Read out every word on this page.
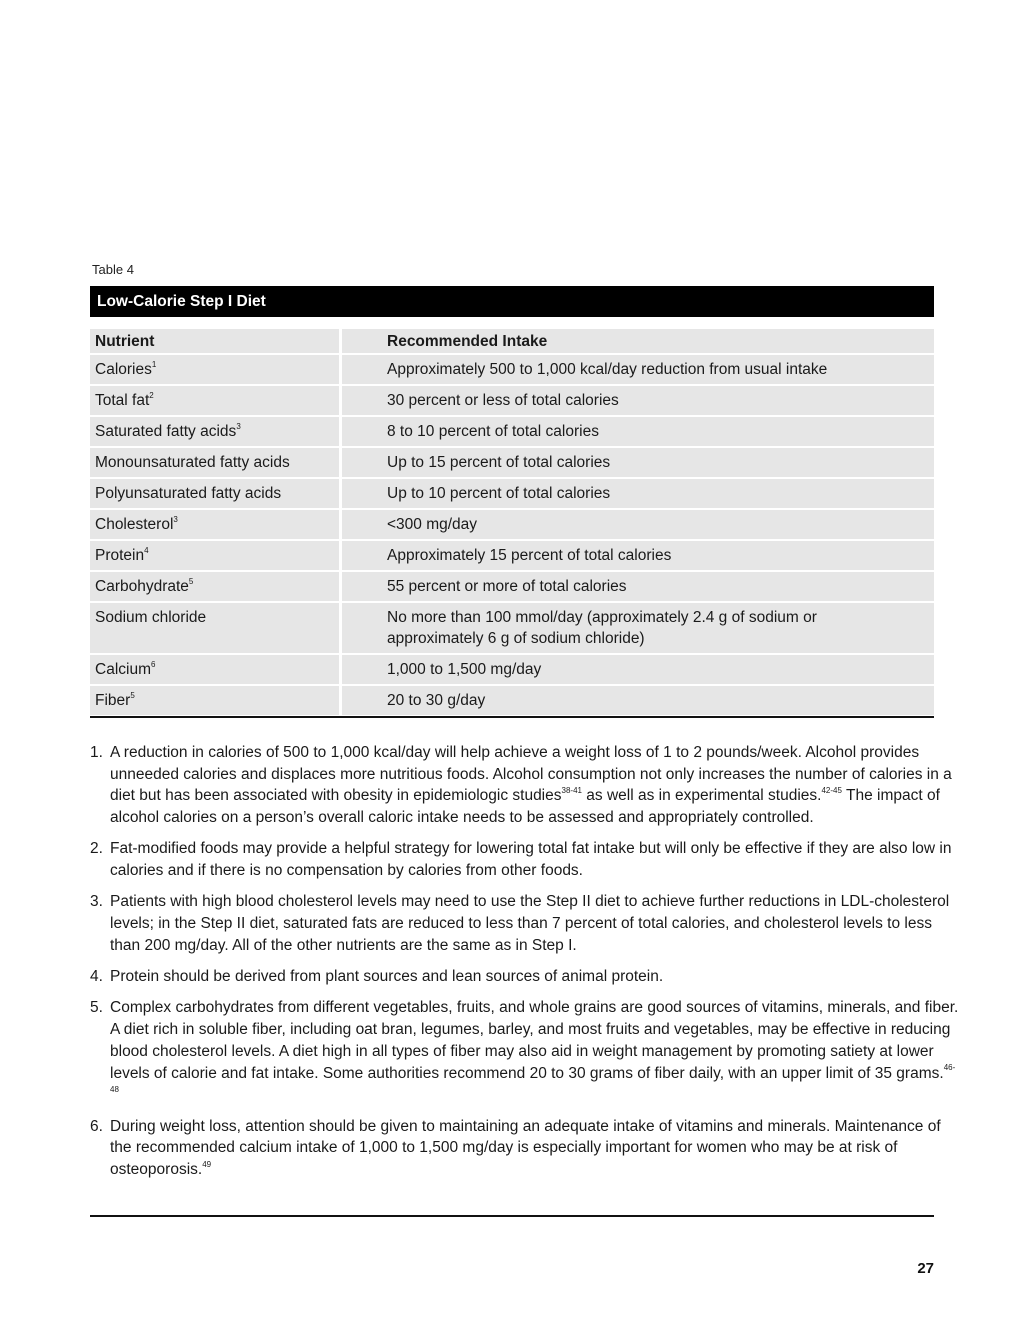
Table 4
Low-Calorie Step I Diet
Nutrient	Recommended Intake
Calories$^1$	Approximately 500 to 1,000 kcal/day reduction from usual intake
Total fat$^2$	30 percent or less of total calories
Saturated fatty acids$^3$	8 to 10 percent of total calories
Monounsaturated fatty acids	Up to 15 percent of total calories
Polyunsaturated fatty acids	Up to 10 percent of total calories
Cholesterol$^3$	<300 mg/day
Protein$^4$	Approximately 15 percent of total calories
Carbohydrate$^5$	55 percent or more of total calories
Sodium chloride	No more than 100 mmol/day (approximately 2.4 g of sodium or approximately 6 g of sodium chloride)
Calcium$^6$	1,000 to 1,500 mg/day
Fiber$^5$	20 to 30 g/day
1. A reduction in calories of 500 to 1,000 kcal/day will help achieve a weight loss of 1 to 2 pounds/week. Alcohol provides unneeded calories and displaces more nutritious foods. Alcohol consumption not only increases the number of calories in a diet but has been associated with obesity in epidemiologic studies$^{38-41}$ as well as in experimental studies.$^{42-45}$ The impact of alcohol calories on a person’s overall caloric intake needs to be assessed and appropriately controlled.
2. Fat-modified foods may provide a helpful strategy for lowering total fat intake but will only be effective if they are also low in calories and if there is no compensation by calories from other foods.
3. Patients with high blood cholesterol levels may need to use the Step II diet to achieve further reductions in LDL-cholesterol levels; in the Step II diet, saturated fats are reduced to less than 7 percent of total calories, and cholesterol levels to less than 200 mg/day. All of the other nutrients are the same as in Step I.
4. Protein should be derived from plant sources and lean sources of animal protein.
5. Complex carbohydrates from different vegetables, fruits, and whole grains are good sources of vitamins, minerals, and fiber. A diet rich in soluble fiber, including oat bran, legumes, barley, and most fruits and vegetables, may be effective in reducing blood cholesterol levels. A diet high in all types of fiber may also aid in weight management by promoting satiety at lower levels of calorie and fat intake. Some authorities recommend 20 to 30 grams of fiber daily, with an upper limit of 35 grams.$^{46-48}$
6. During weight loss, attention should be given to maintaining an adequate intake of vitamins and minerals. Maintenance of the recommended calcium intake of 1,000 to 1,500 mg/day is especially important for women who may be at risk of osteoporosis.$^{49}$
27
